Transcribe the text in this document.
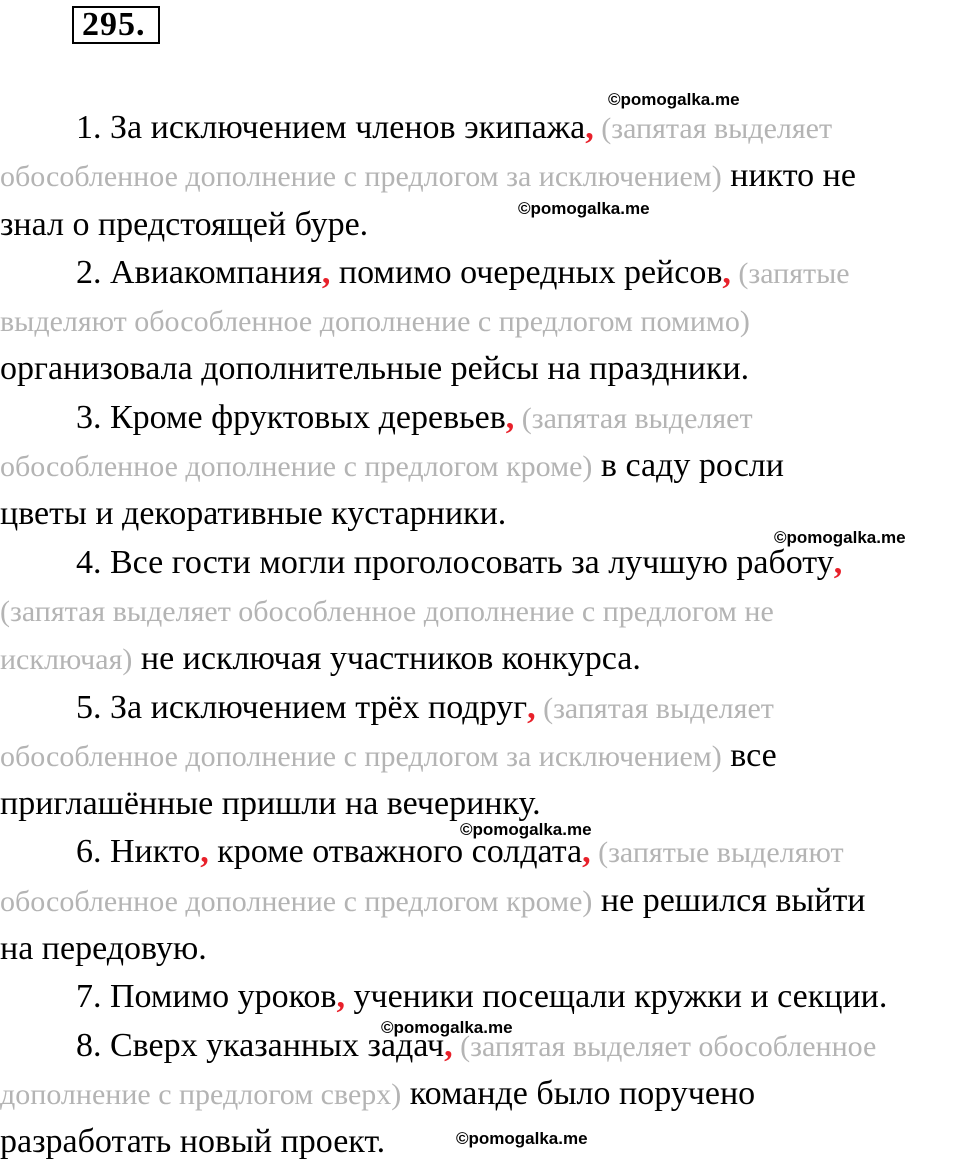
295.
1. За исключением членов экипажа, (запятая выделяет
обособленное дополнение с предлогом за исключением) никто не
знал о предстоящей буре.
2. Авиакомпания, помимо очередных рейсов, (запятые
выделяют обособленное дополнение с предлогом помимо)
организовала дополнительные рейсы на праздники.
3. Кроме фруктовых деревьев, (запятая выделяет
обособленное дополнение с предлогом кроме) в саду росли
цветы и декоративные кустарники.
4. Все гости могли проголосовать за лучшую работу,
(запятая выделяет обособленное дополнение с предлогом не
исключая) не исключая участников конкурса.
5. За исключением трёх подруг, (запятая выделяет
обособленное дополнение с предлогом за исключением) все
приглашённые пришли на вечеринку.
6. Никто, кроме отважного солдата, (запятые выделяют
обособленное дополнение с предлогом кроме) не решился выйти
на передовую.
7. Помимо уроков, ученики посещали кружки и секции.
8. Сверх указанных задач, (запятая выделяет обособленное
дополнение с предлогом сверх) команде было поручено
разработать новый проект.
©pomogalka.me
©pomogalka.me
©pomogalka.me
©pomogalka.me
©pomogalka.me
©pomogalka.me
